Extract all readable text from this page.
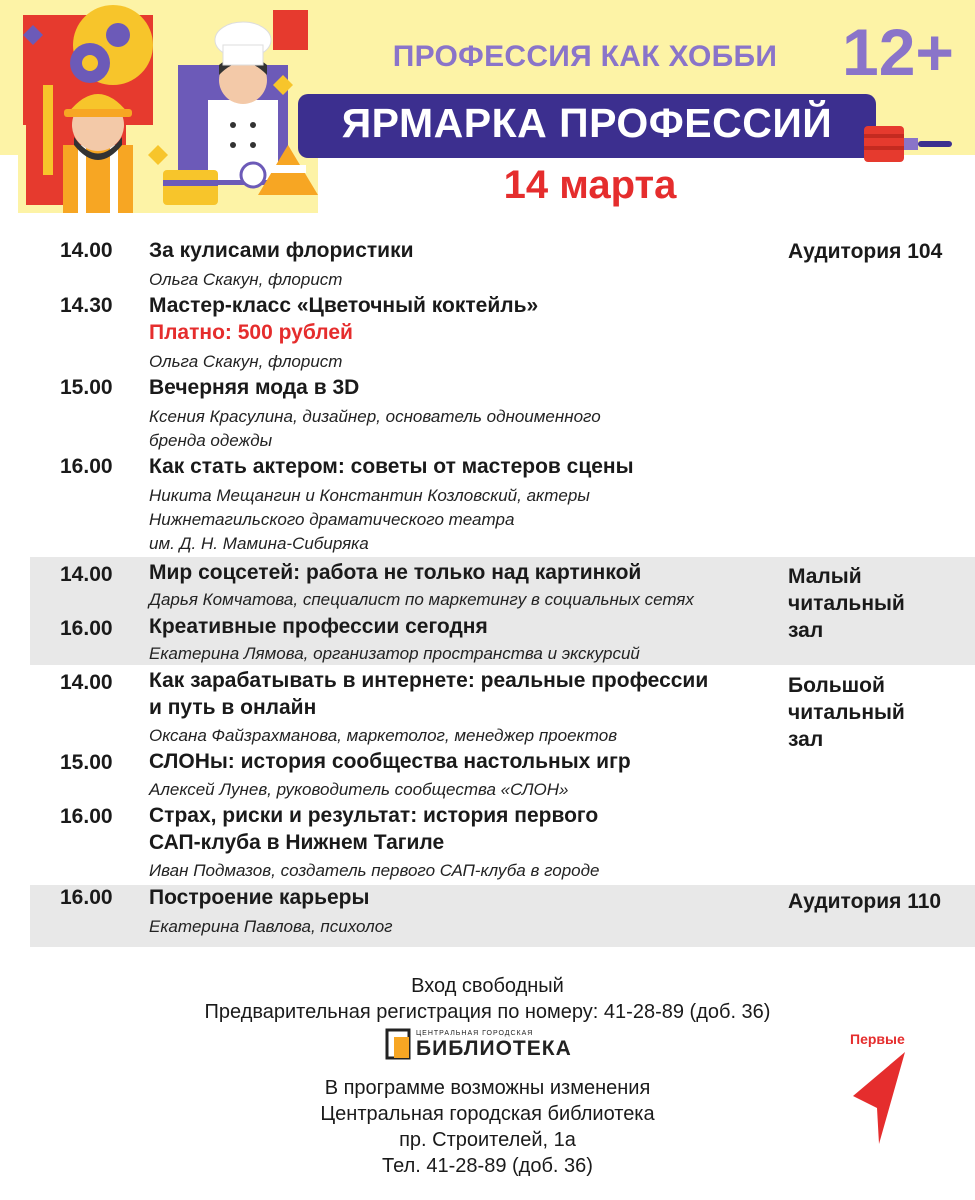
ПРОФЕССИЯ КАК ХОББИ 12+
ЯРМАРКА ПРОФЕССИЙ
14 марта
Аудитория 104
Малый
читальный
зал
Большой
читальный
зал
Аудитория 110
14.00 За кулисами флористики
Ольга Скакун, флорист
14.30 Мастер-класс «Цветочный коктейль»
Платно: 500 рублей
Ольга Скакун, флорист
15.00 Вечерняя мода в 3D
Ксения Красулина, дизайнер, основатель одноименного
бренда одежды
16.00 Как стать актером: советы от мастеров сцены
Никита Мещангин и Константин Козловский, актеры
Нижнетагильского драматического театра
им. Д. Н. Мамина-Сибиряка
14.00 Мир соцсетей: работа не только над картинкой
Дарья Комчатова, специалист по маркетингу в социальных сетях
16.00 Креативные профессии сегодня
Екатерина Лямова, организатор пространства и экскурсий
14.00 Как зарабатывать в интернете: реальные профессии
и путь в онлайн
Оксана Файзрахманова, маркетолог, менеджер проектов
15.00 СЛОНы: история сообщества настольных игр
Алексей Лунев, руководитель сообщества «СЛОН»
16.00 Страх, риски и результат: история первого
САП-клуба в Нижнем Тагиле
Иван Подмазов, создатель первого САП-клуба в городе
16.00 Построение карьеры
Екатерина Павлова, психолог
Вход свободный
Предварительная регистрация по номеру: 41-28-89 (доб. 36)
ЦЕНТРАЛЬНАЯ ГОРОДСКАЯ
БИБЛИОТЕКА
В программе возможны изменения
Центральная городская библиотека
пр. Строителей, 1а
Тел. 41-28-89 (доб. 36)
Первые
